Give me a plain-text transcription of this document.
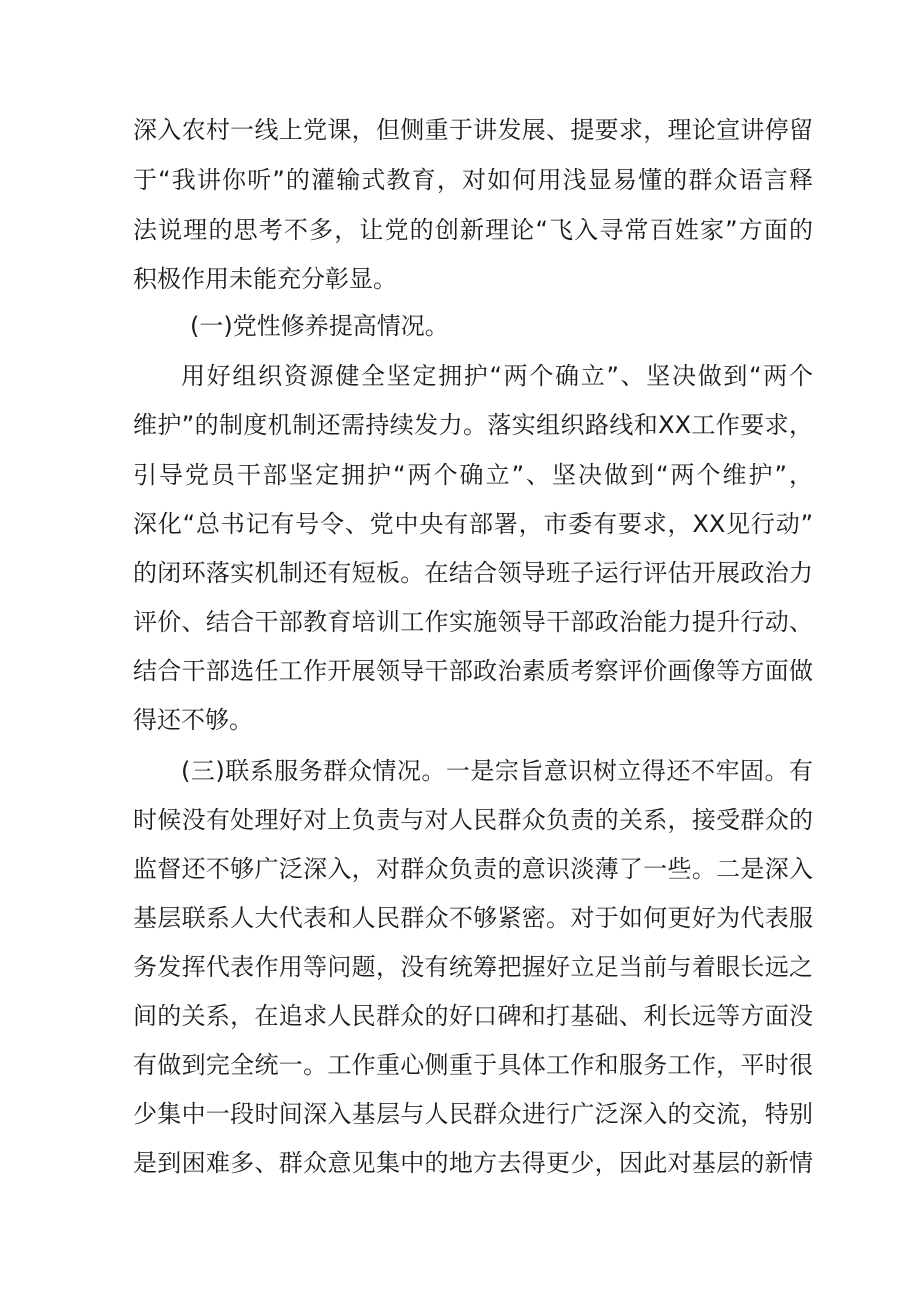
深入农村一线上党课，但侧重于讲发展、提要求，理论宣讲停留
于“我讲你听”的灌输式教育，对如何用浅显易懂的群众语言释
法说理的思考不多，让党的创新理论“飞入寻常百姓家”方面的
积极作用未能充分彰显。
(一)党性修养提高情况。
用好组织资源健全坚定拥护“两个确立”、坚决做到“两个
维护”的制度机制还需持续发力。落实组织路线和XX工作要求，
引导党员干部坚定拥护“两个确立”、坚决做到“两个维护”，
深化“总书记有号令、党中央有部署，市委有要求，XX见行动”
的闭环落实机制还有短板。在结合领导班子运行评估开展政治力
评价、结合干部教育培训工作实施领导干部政治能力提升行动、
结合干部选任工作开展领导干部政治素质考察评价画像等方面做
得还不够。
(三)联系服务群众情况。一是宗旨意识树立得还不牢固。有
时候没有处理好对上负责与对人民群众负责的关系，接受群众的
监督还不够广泛深入，对群众负责的意识淡薄了一些。二是深入
基层联系人大代表和人民群众不够紧密。对于如何更好为代表服
务发挥代表作用等问题，没有统筹把握好立足当前与着眼长远之
间的关系，在追求人民群众的好口碑和打基础、利长远等方面没
有做到完全统一。工作重心侧重于具体工作和服务工作，平时很
少集中一段时间深入基层与人民群众进行广泛深入的交流，特别
是到困难多、群众意见集中的地方去得更少，因此对基层的新情
